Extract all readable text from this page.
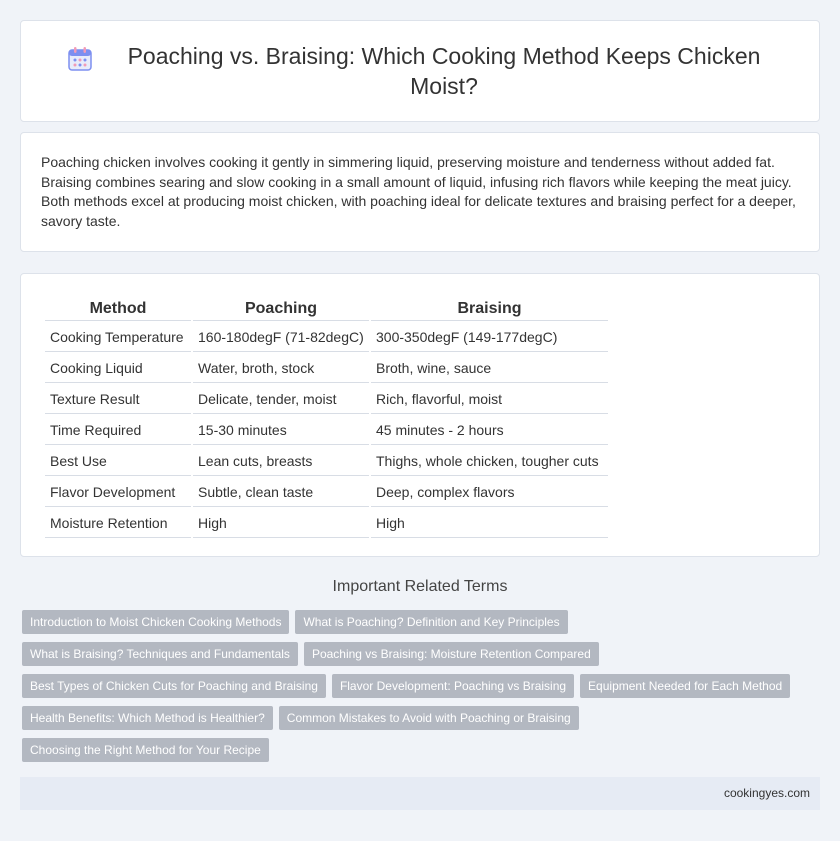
Poaching vs. Braising: Which Cooking Method Keeps Chicken Moist?

Poaching chicken involves cooking it gently in simmering liquid, preserving moisture and tenderness without added fat. Braising combines searing and slow cooking in a small amount of liquid, infusing rich flavors while keeping the meat juicy. Both methods excel at producing moist chicken, with poaching ideal for delicate textures and braising perfect for a deeper, savory taste.

Method	Poaching	Braising
Cooking Temperature	160-180degF (71-82degC)	300-350degF (149-177degC)
Cooking Liquid	Water, broth, stock	Broth, wine, sauce
Texture Result	Delicate, tender, moist	Rich, flavorful, moist
Time Required	15-30 minutes	45 minutes - 2 hours
Best Use	Lean cuts, breasts	Thighs, whole chicken, tougher cuts
Flavor Development	Subtle, clean taste	Deep, complex flavors
Moisture Retention	High	High
Important Related Terms
Introduction to Moist Chicken Cooking Methods	What is Poaching? Definition and Key Principles
What is Braising? Techniques and Fundamentals	Poaching vs Braising: Moisture Retention Compared
Best Types of Chicken Cuts for Poaching and Braising	Flavor Development: Poaching vs Braising	Equipment Needed for Each Method
Health Benefits: Which Method is Healthier?	Common Mistakes to Avoid with Poaching or Braising
Choosing the Right Method for Your Recipe
cookingyes.com
